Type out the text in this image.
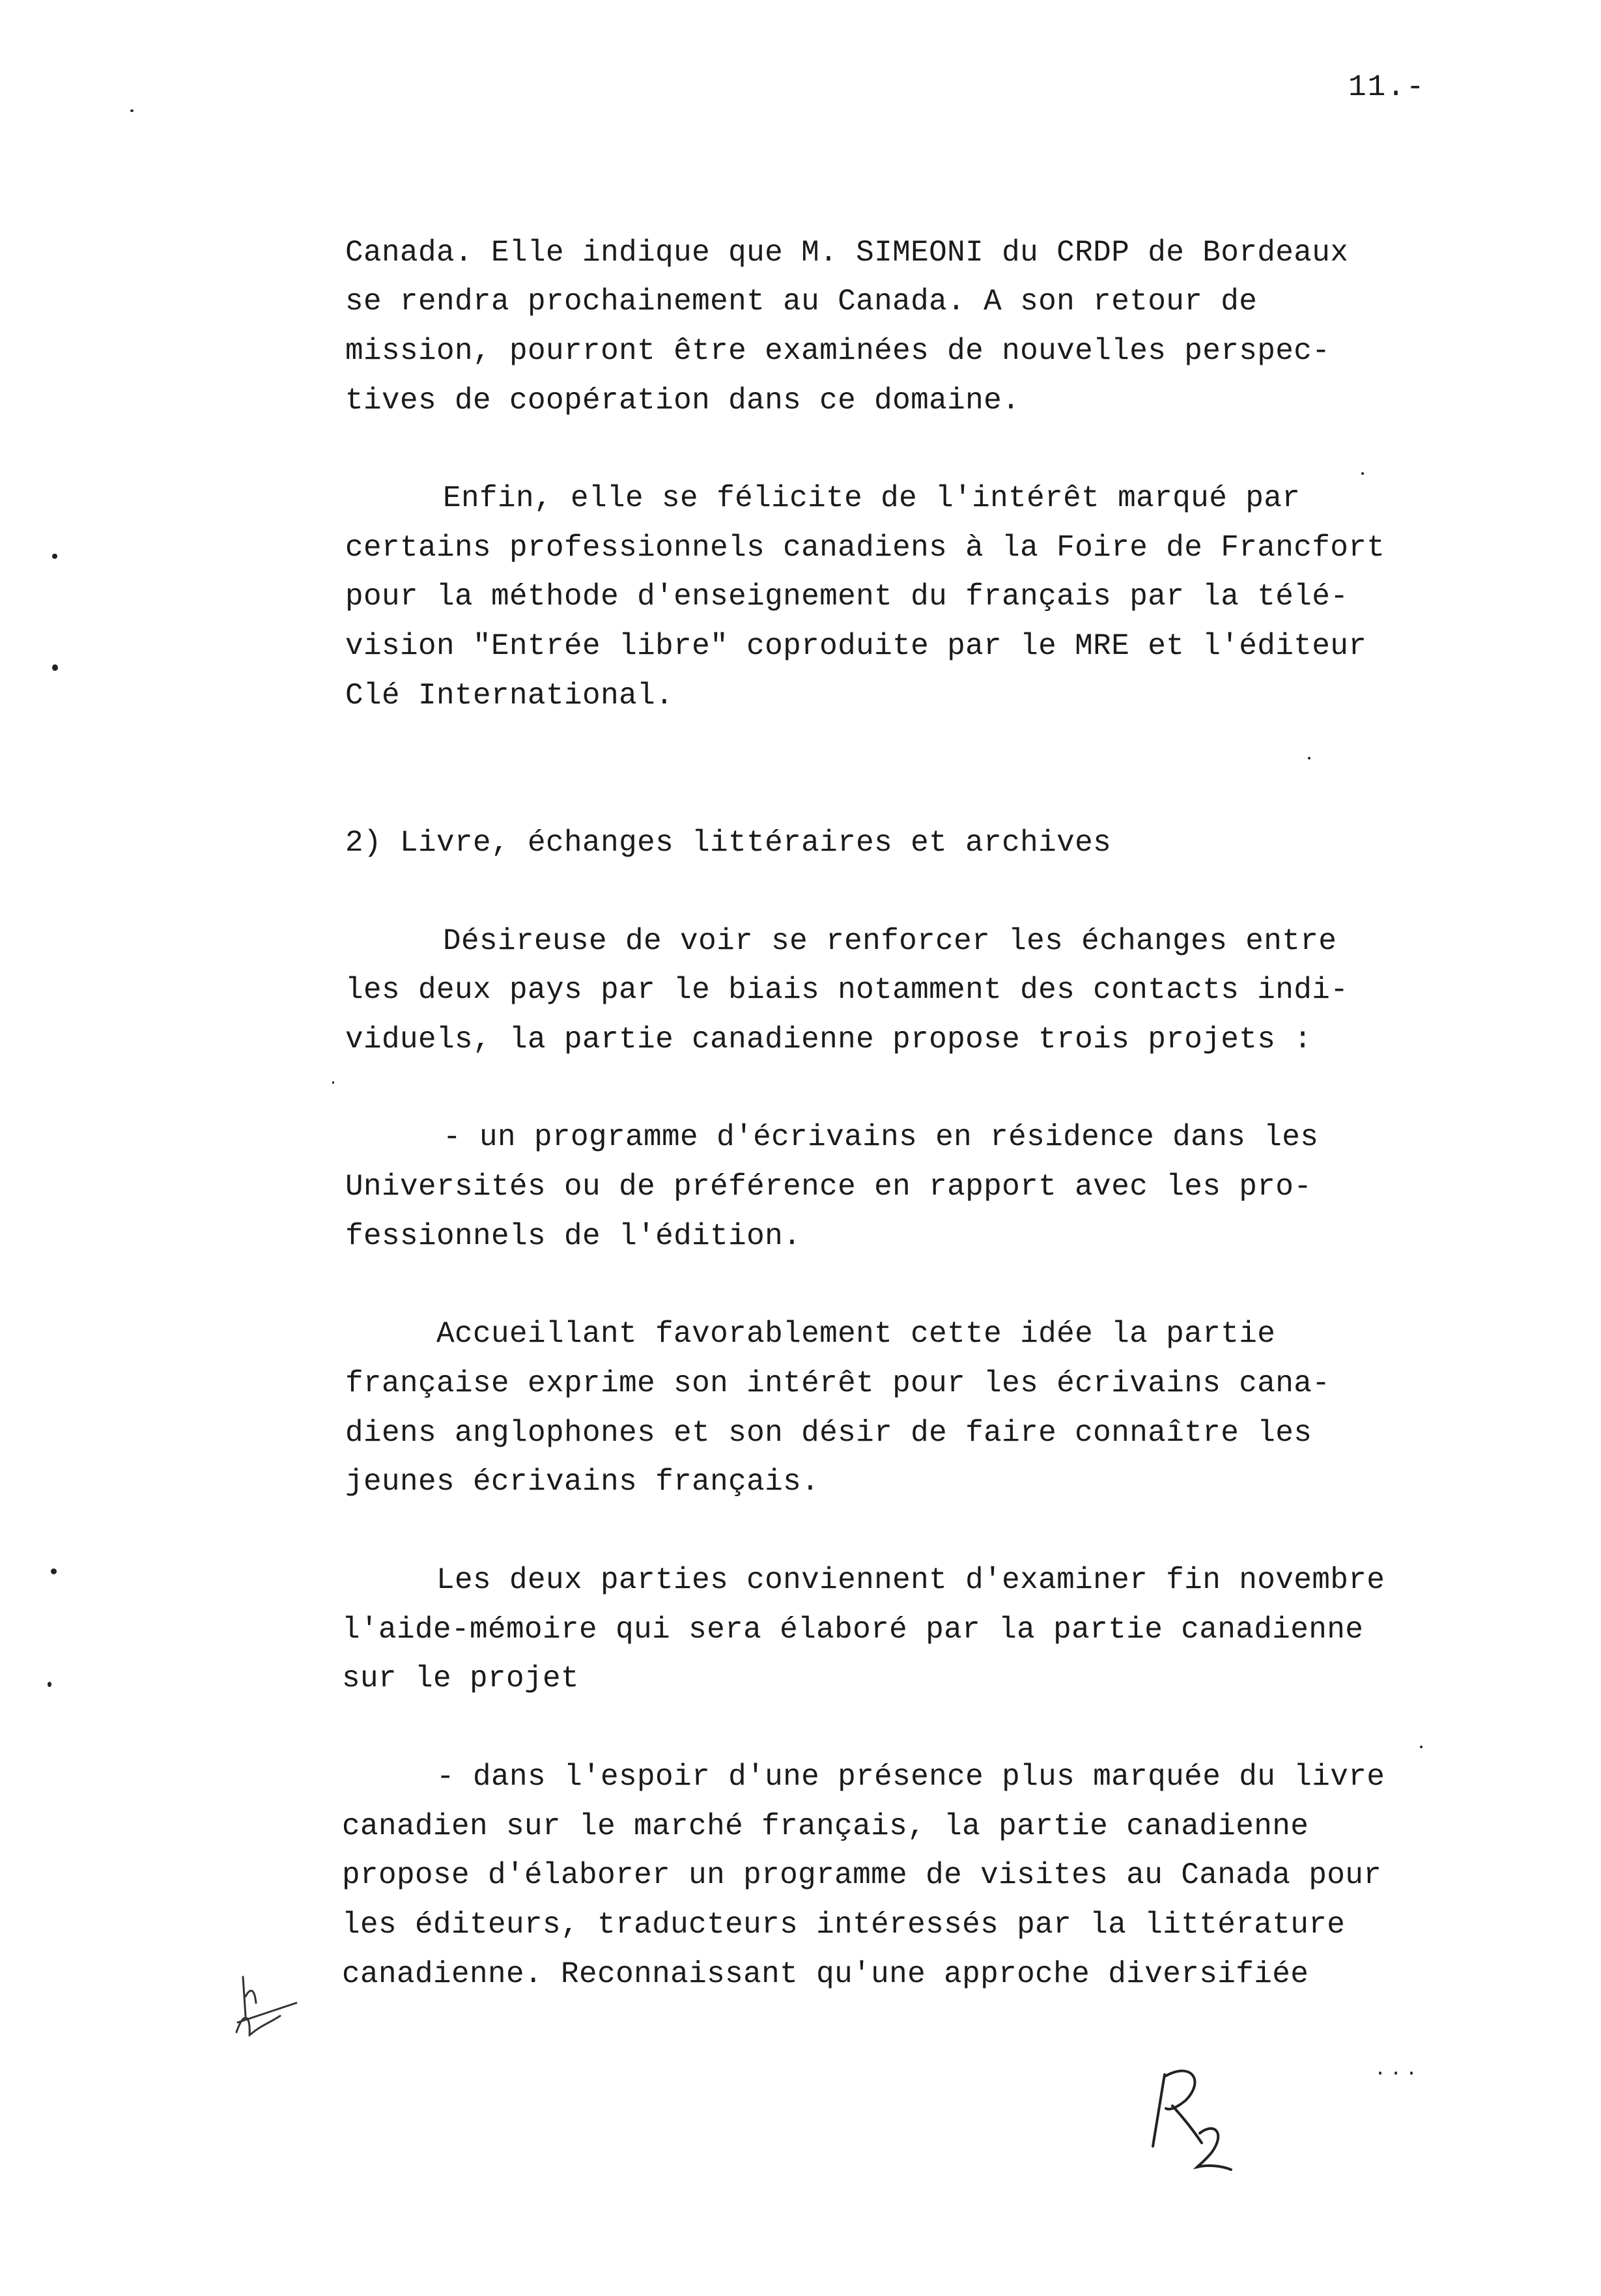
11.-
Canada. Elle indique que M. SIMEONI du CRDP de Bordeaux
se rendra prochainement au Canada. A son retour de
mission, pourront être examinées de nouvelles perspec-
tives de coopération dans ce domaine.
Enfin, elle se félicite de l'intérêt marqué par
certains professionnels canadiens à la Foire de Francfort
pour la méthode d'enseignement du français par la télé-
vision "Entrée libre" coproduite par le MRE et l'éditeur
Clé International.
2) Livre, échanges littéraires et archives
Désireuse de voir se renforcer les échanges entre
les deux pays par le biais notamment des contacts indi-
viduels, la partie canadienne propose trois projets :
- un programme d'écrivains en résidence dans les
Universités ou de préférence en rapport avec les pro-
fessionnels de l'édition.
Accueillant favorablement cette idée la partie
française exprime son intérêt pour les écrivains cana-
diens anglophones et son désir de faire connaître les
jeunes écrivains français.
Les deux parties conviennent d'examiner fin novembre
l'aide-mémoire qui sera élaboré par la partie canadienne
sur le projet
- dans l'espoir d'une présence plus marquée du livre
canadien sur le marché français, la partie canadienne
propose d'élaborer un programme de visites au Canada pour
les éditeurs, traducteurs intéressés par la littérature
canadienne. Reconnaissant qu'une approche diversifiée
...
